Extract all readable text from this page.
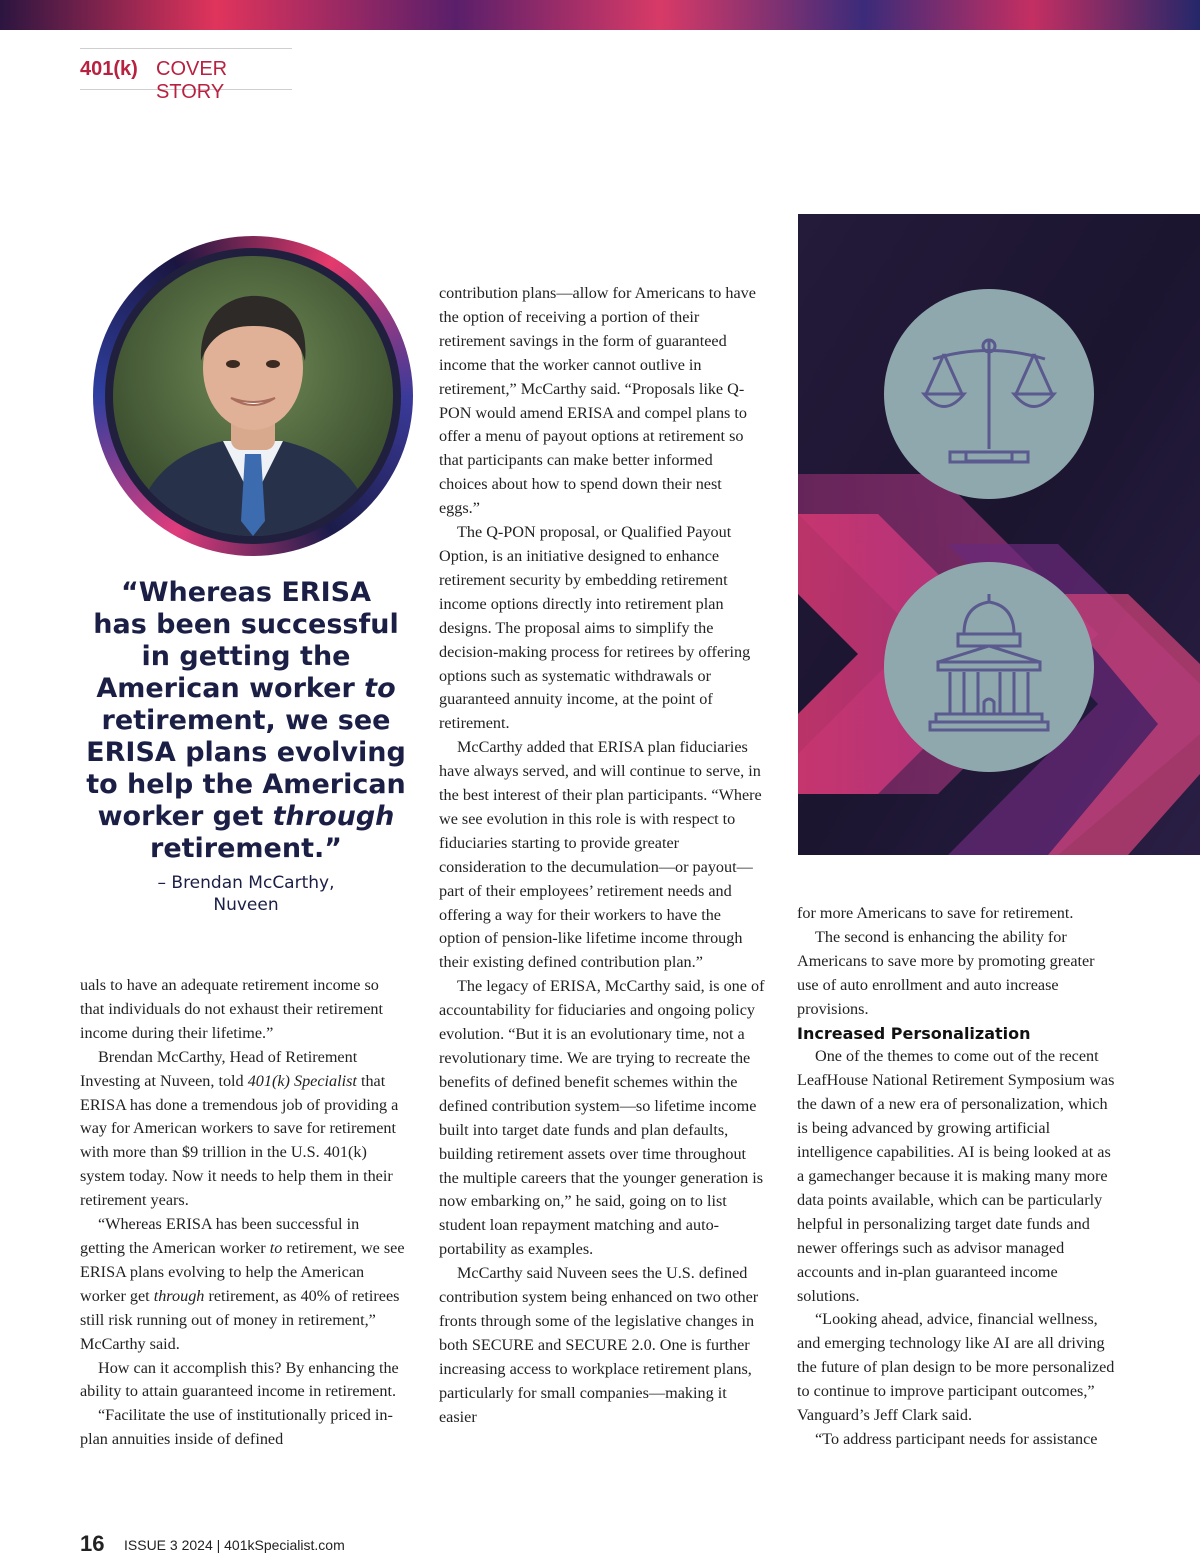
401(k) COVER STORY
“Whereas ERISA
has been successful
in getting the
American worker to
retirement, we see
ERISA plans evolving
to help the American
worker get through
retirement.”
– Brendan McCarthy,
Nuveen

uals to have an adequate retirement income so that individuals do not exhaust their retirement income during their lifetime.”

Brendan McCarthy, Head of Retirement Investing at Nuveen, told 401(k) Specialist that ERISA has done a tremendous job of providing a way for American workers to save for retirement with more than $9 trillion in the U.S. 401(k) system today. Now it needs to help them in their retirement years.

“Whereas ERISA has been successful in getting the American worker to retirement, we see ERISA plans evolving to help the American worker get through retirement, as 40% of retirees still risk running out of money in retirement,” McCarthy said.

How can it accomplish this? By enhancing the ability to attain guaranteed income in retirement.

“Facilitate the use of institutionally priced in-plan annuities inside of defined

contribution plans—allow for Americans to have the option of receiving a portion of their retirement savings in the form of guaranteed income that the worker cannot outlive in retirement,” McCarthy said. “Proposals like Q-PON would amend ERISA and compel plans to offer a menu of payout options at retirement so that participants can make better informed choices about how to spend down their nest eggs.”

The Q-PON proposal, or Qualified Payout Option, is an initiative designed to enhance retirement security by embedding retirement income options directly into retirement plan designs. The proposal aims to simplify the decision-making process for retirees by offering options such as systematic withdrawals or guaranteed annuity income, at the point of retirement.

McCarthy added that ERISA plan fiduciaries have always served, and will continue to serve, in the best interest of their plan participants. “Where we see evolution in this role is with respect to fiduciaries starting to provide greater consideration to the decumulation—or payout—part of their employees’ retirement needs and offering a way for their workers to have the option of pension-like lifetime income through their existing defined contribution plan.”

The legacy of ERISA, McCarthy said, is one of accountability for fiduciaries and ongoing policy evolution. “But it is an evolutionary time, not a revolutionary time. We are trying to recreate the benefits of defined benefit schemes within the defined contribution system—so lifetime income built into target date funds and plan defaults, building retirement assets over time throughout the multiple careers that the younger generation is now embarking on,” he said, going on to list student loan repayment matching and auto-portability as examples.

McCarthy said Nuveen sees the U.S. defined contribution system being enhanced on two other fronts through some of the legislative changes in both SECURE and SECURE 2.0. One is further increasing access to workplace retirement plans, particularly for small companies—making it easier

for more Americans to save for retirement.

The second is enhancing the ability for Americans to save more by promoting greater use of auto enrollment and auto increase provisions.

Increased Personalization

One of the themes to come out of the recent LeafHouse National Retirement Symposium was the dawn of a new era of personalization, which is being advanced by growing artificial intelligence capabilities. AI is being looked at as a gamechanger because it is making many more data points available, which can be particularly helpful in personalizing target date funds and newer offerings such as advisor managed accounts and in-plan guaranteed income solutions.

“Looking ahead, advice, financial wellness, and emerging technology like AI are all driving the future of plan design to be more personalized to continue to improve participant outcomes,” Vanguard’s Jeff Clark said.

“To address participant needs for assistance

16 ISSUE 3 2024 | 401kSpecialist.com
